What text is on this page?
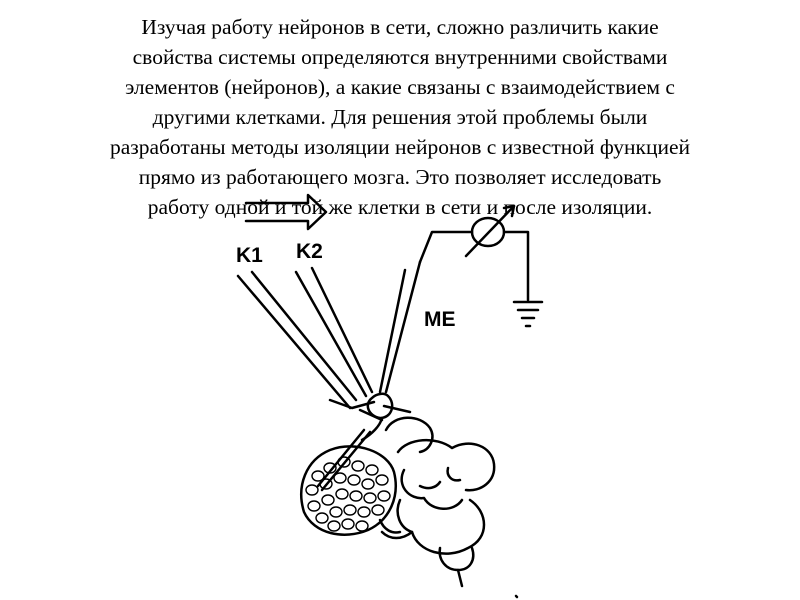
Изучая работу нейронов в сети, сложно различить какие
свойства системы определяются внутренними свойствами
элементов (нейронов), а какие связаны с взаимодействием с
другими клетками. Для решения этой проблемы были
разработаны методы изоляции нейронов с известной функцией
прямо из работающего мозга. Это позволяет исследовать
работу одной и той же клетки в сети и после изоляции.

K1 K2
ME
